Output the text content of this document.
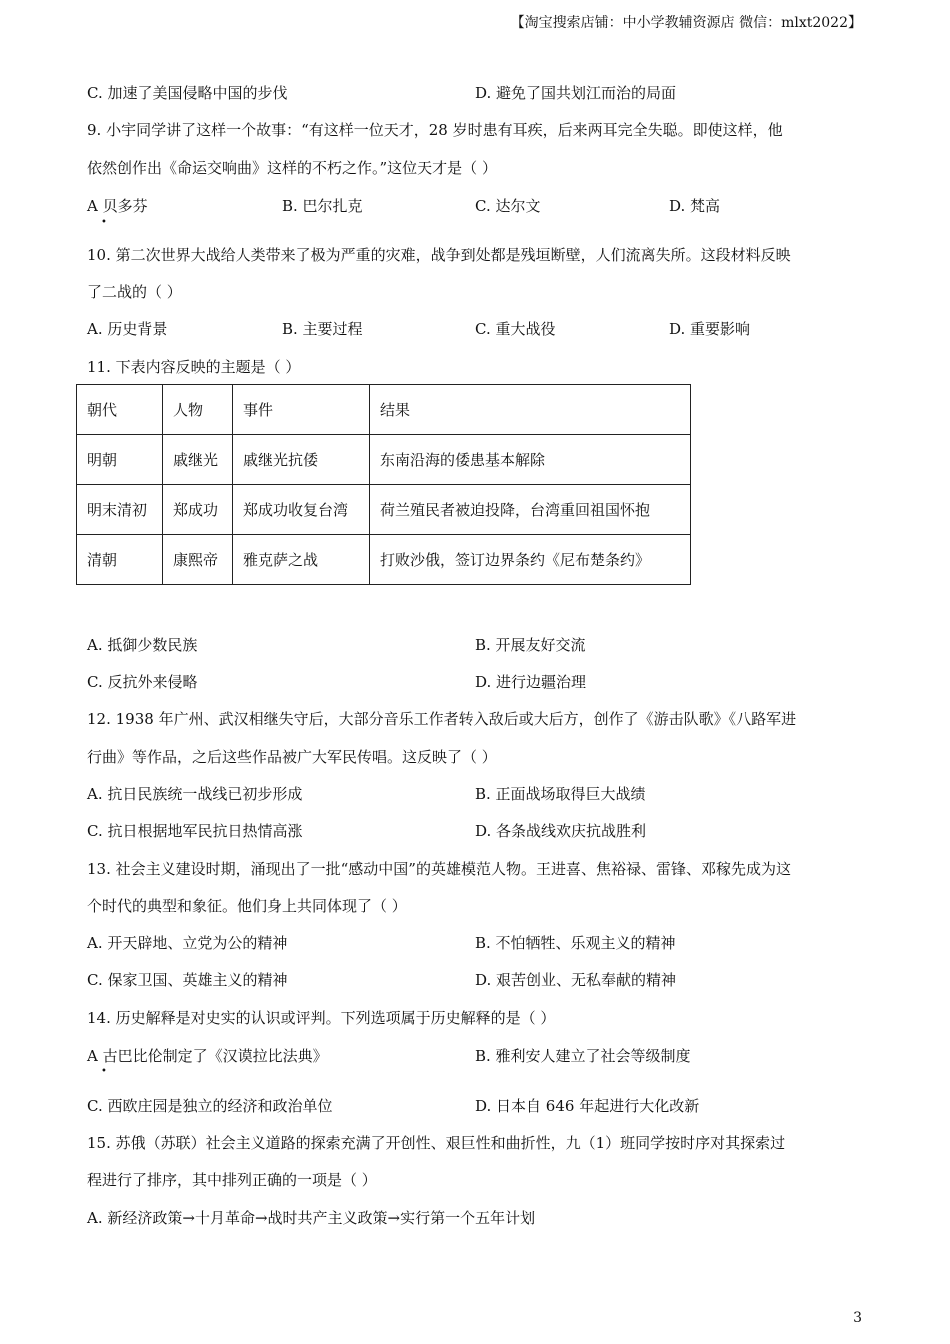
【淘宝搜索店铺：中小学教辅资源店 微信：mlxt2022】
C. 加速了美国侵略中国的步伐	D. 避免了国共划江而治的局面
9. 小宇同学讲了这样一个故事：“有这样一位天才，28 岁时患有耳疾，后来两耳完全失聪。即使这样，他
依然创作出《命运交响曲》这样的不朽之作。”这位天才是（ ）
A 贝多芬
•
B. 巴尔扎克	C. 达尔文	D. 梵高
10. 第二次世界大战给人类带来了极为严重的灾难，战争到处都是残垣断壁，人们流离失所。这段材料反映
了二战的（ ）
A. 历史背景	B. 主要过程	C. 重大战役	D. 重要影响
11. 下表内容反映的主题是（ ）
朝代	人物	事件	结果
明朝	戚继光	戚继光抗倭	东南沿海的倭患基本解除
明末清初	郑成功	郑成功收复台湾	荷兰殖民者被迫投降，台湾重回祖国怀抱
清朝	康熙帝	雅克萨之战	打败沙俄，签订边界条约《尼布楚条约》
A. 抵御少数民族	B. 开展友好交流
C. 反抗外来侵略	D. 进行边疆治理
12. 1938 年广州、武汉相继失守后，大部分音乐工作者转入敌后或大后方，创作了《游击队歌》《八路军进
行曲》等作品，之后这些作品被广大军民传唱。这反映了（ ）
A. 抗日民族统一战线已初步形成	B. 正面战场取得巨大战绩
C. 抗日根据地军民抗日热情高涨	D. 各条战线欢庆抗战胜利
13. 社会主义建设时期，涌现出了一批“感动中国”的英雄模范人物。王进喜、焦裕禄、雷锋、邓稼先成为这
个时代的典型和象征。他们身上共同体现了（ ）
A. 开天辟地、立党为公的精神	B. 不怕牺牲、乐观主义的精神
C. 保家卫国、英雄主义的精神	D. 艰苦创业、无私奉献的精神
14. 历史解释是对史实的认识或评判。下列选项属于历史解释的是（ ）
A 古巴比伦制定了《汉谟拉比法典》
•
B. 雅利安人建立了社会等级制度
C. 西欧庄园是独立的经济和政治单位	D. 日本自 646 年起进行大化改新
15. 苏俄（苏联）社会主义道路的探索充满了开创性、艰巨性和曲折性，九（1）班同学按时序对其探索过
程进行了排序，其中排列正确的一项是（ ）
A. 新经济政策→十月革命→战时共产主义政策→实行第一个五年计划
3
